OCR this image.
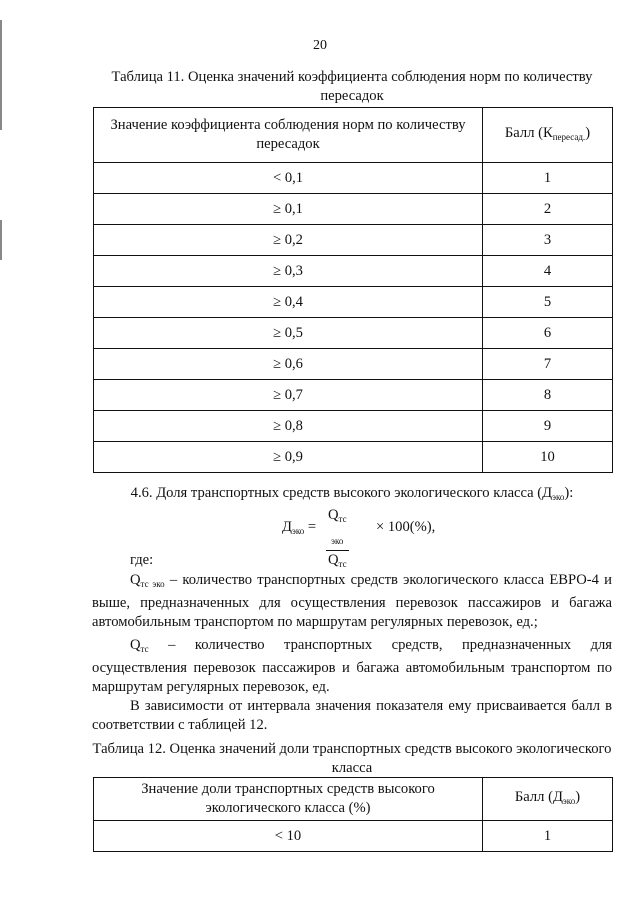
20
Таблица 11. Оценка значений коэффициента соблюдения норм по количеству пересадок
Значение коэффициента соблюдения норм по количеству пересадок	Балл $(К_{пересад.})$
< 0,1	1
≥ 0,1	2
≥ 0,2	3
≥ 0,3	4
≥ 0,4	5
≥ 0,5	6
≥ 0,6	7
≥ 0,7	8
≥ 0,8	9
≥ 0,9	10
4.6. Доля транспортных средств высокого экологического класса $(Д_{эко})$:
$Д_{эко}$ =
$Q_{тс эко}$
$Q_{тс}$
× 100(%),
где:
$Q_{тс эко}$ – количество транспортных средств экологического класса ЕВРО-4 и выше, предназначенных для осуществления перевозок пассажиров и багажа автомобильным транспортом по маршрутам регулярных перевозок, ед.;
$Q_{тс}$ – количество транспортных средств, предназначенных для осуществления перевозок пассажиров и багажа автомобильным транспортом по маршрутам регулярных перевозок, ед.
В зависимости от интервала значения показателя ему присваивается балл в соответствии с таблицей 12.
Таблица 12. Оценка значений доли транспортных средств высокого экологического класса
Значение доли транспортных средств высокого экологического класса (%)	Балл $(Д_{эко})$
< 10	1
